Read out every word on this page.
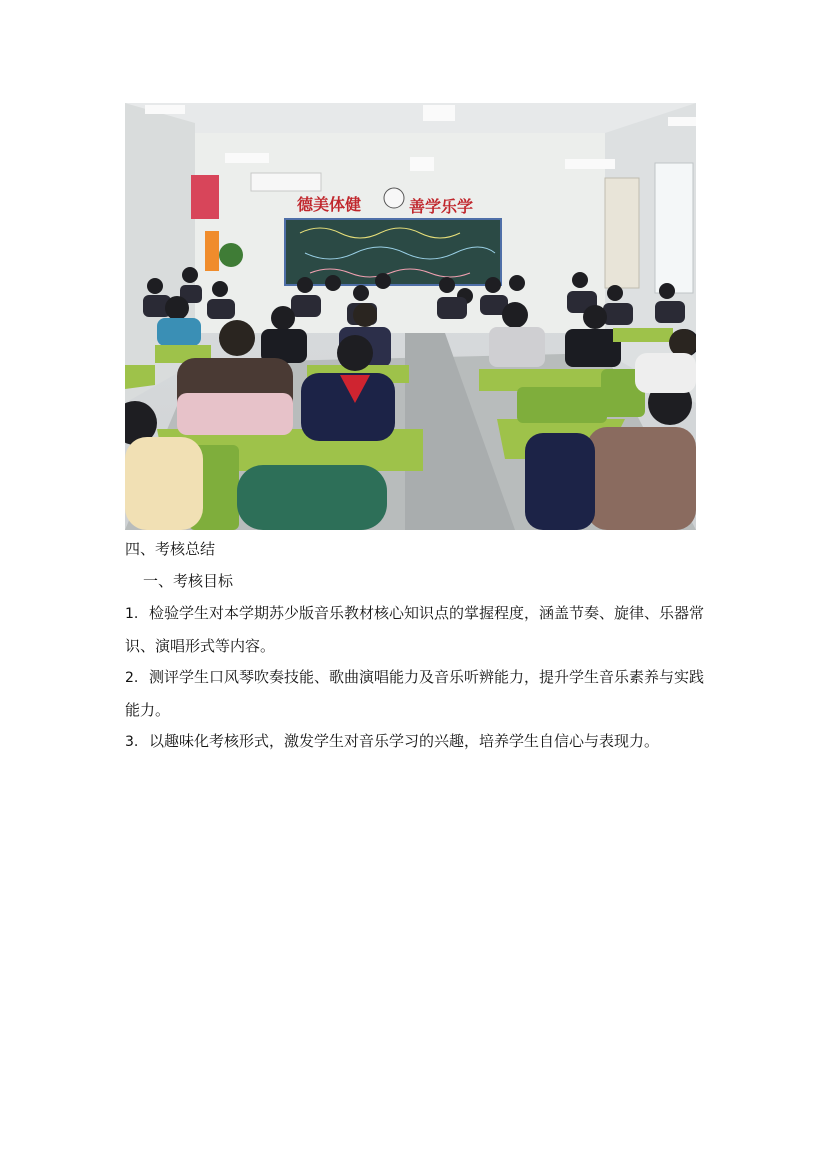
德美体健	善学乐学
四、考核总结
一、考核目标
1. 检验学生对本学期苏少版音乐教材核心知识点的掌握程度，涵盖节奏、旋律、乐器常识、演唱形式等内容。
2. 测评学生口风琴吹奏技能、歌曲演唱能力及音乐听辨能力，提升学生音乐素养与实践能力。
3. 以趣味化考核形式，激发学生对音乐学习的兴趣，培养学生自信心与表现力。
